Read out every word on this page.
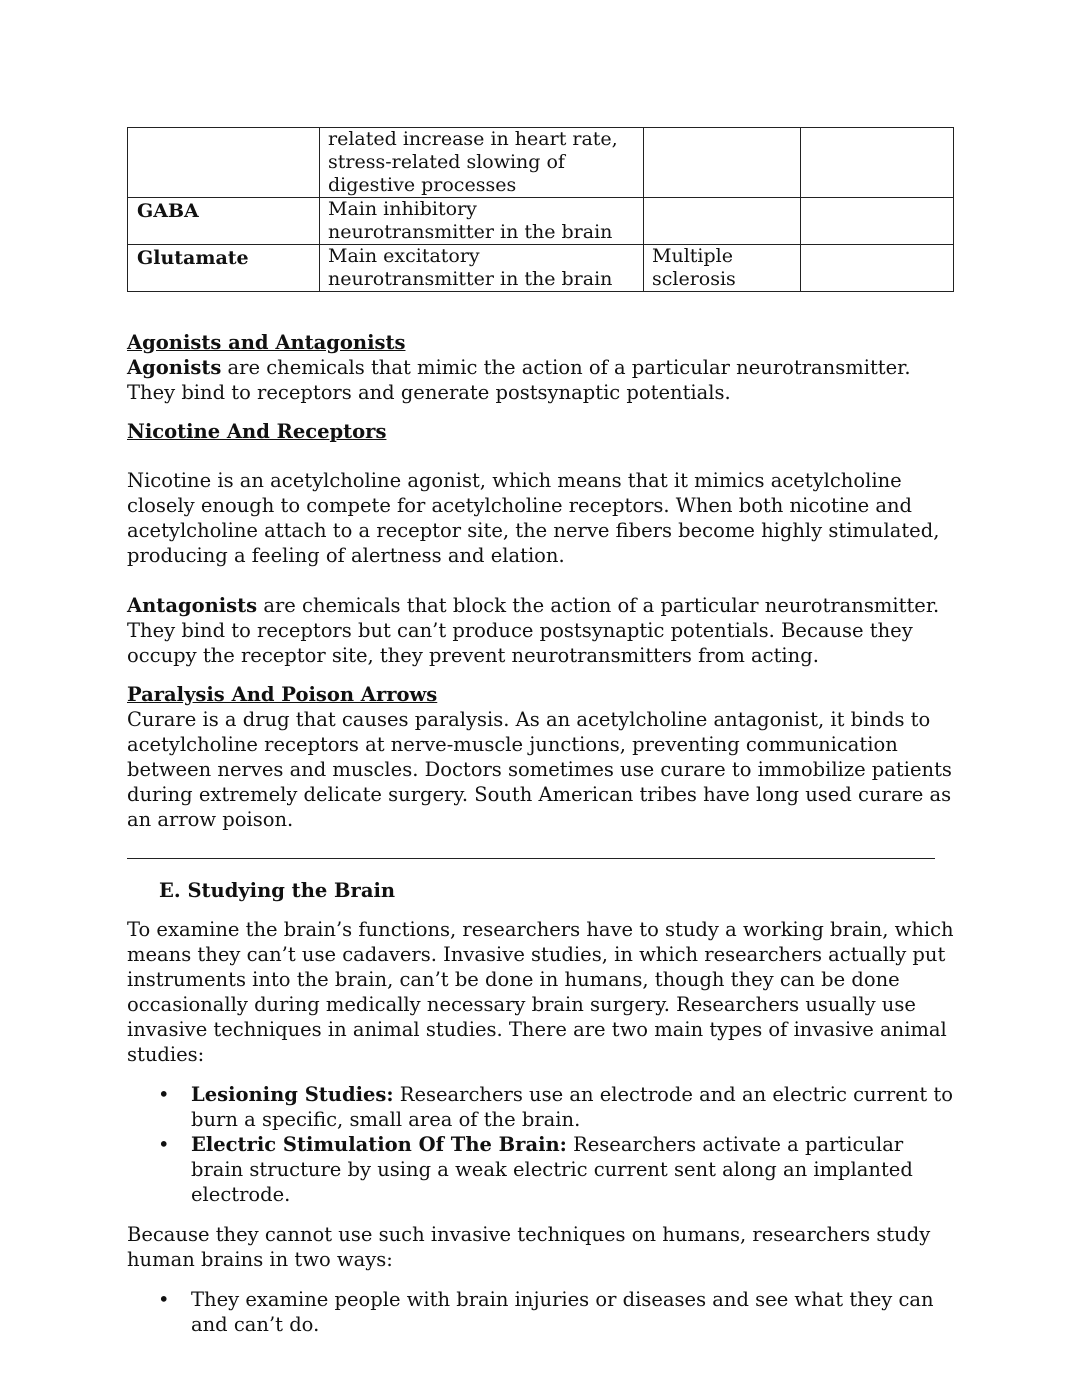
	related increase in heart rate, stress-related slowing of digestive processes		
GABA	Main inhibitory neurotransmitter in the brain		
Glutamate	Main excitatory neurotransmitter in the brain	Multiple sclerosis	

Agonists and Antagonists

Agonists are chemicals that mimic the action of a particular neurotransmitter. They bind to receptors and generate postsynaptic potentials.

Nicotine And Receptors

Nicotine is an acetylcholine agonist, which means that it mimics acetylcholine closely enough to compete for acetylcholine receptors. When both nicotine and acetylcholine attach to a receptor site, the nerve fibers become highly stimulated, producing a feeling of alertness and elation.

Antagonists are chemicals that block the action of a particular neurotransmitter. They bind to receptors but can’t produce postsynaptic potentials. Because they occupy the receptor site, they prevent neurotransmitters from acting.

Paralysis And Poison Arrows

Curare is a drug that causes paralysis. As an acetylcholine antagonist, it binds to acetylcholine receptors at nerve-muscle junctions, preventing communication between nerves and muscles. Doctors sometimes use curare to immobilize patients during extremely delicate surgery. South American tribes have long used curare as an arrow poison.

E. Studying the Brain

To examine the brain’s functions, researchers have to study a working brain, which means they can’t use cadavers. Invasive studies, in which researchers actually put instruments into the brain, can’t be done in humans, though they can be done occasionally during medically necessary brain surgery. Researchers usually use invasive techniques in animal studies. There are two main types of invasive animal studies:

• Lesioning Studies: Researchers use an electrode and an electric current to burn a specific, small area of the brain.
• Electric Stimulation Of The Brain: Researchers activate a particular brain structure by using a weak electric current sent along an implanted electrode.

Because they cannot use such invasive techniques on humans, researchers study human brains in two ways:

• They examine people with brain injuries or diseases and see what they can and can’t do.
